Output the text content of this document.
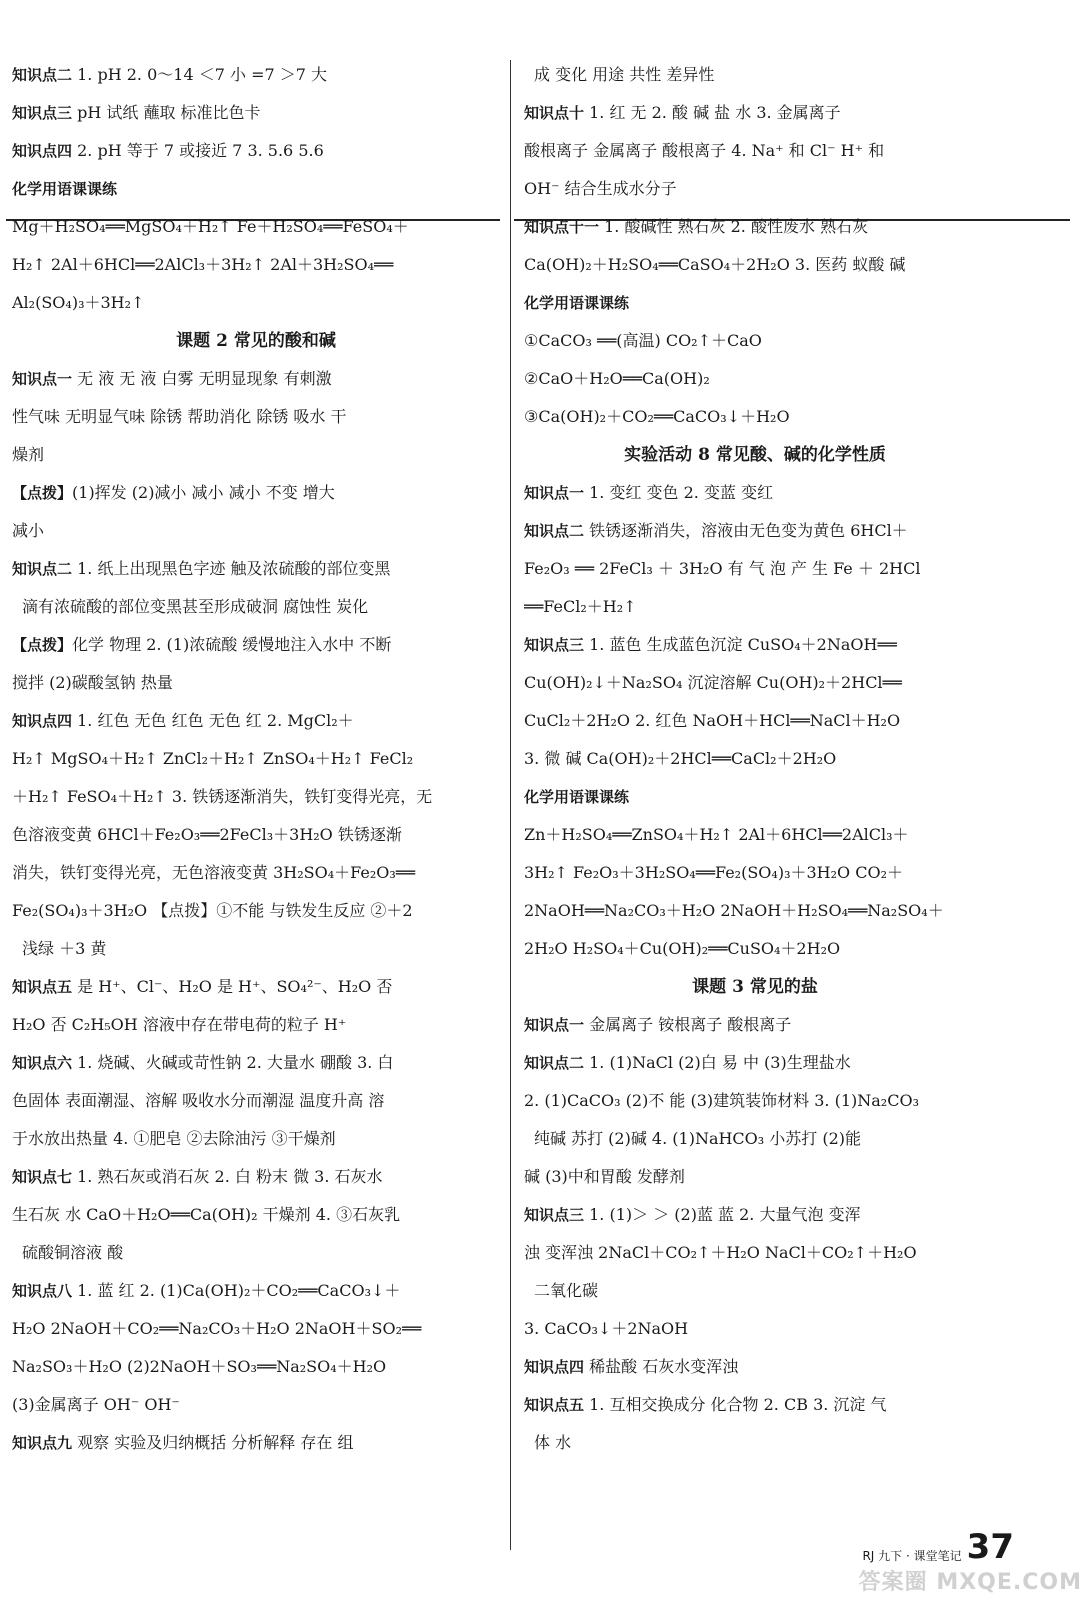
知识点二 1. pH 2. 0～14 ＜7 小 =7 ＞7 大
知识点三 pH 试纸 蘸取 标准比色卡
知识点四 2. pH 等于 7 或接近 7 3. 5.6 5.6
化学用语课课练
Mg＋H₂SO₄══MgSO₄＋H₂↑ Fe＋H₂SO₄══FeSO₄＋
H₂↑ 2Al＋6HCl══2AlCl₃＋3H₂↑ 2Al＋3H₂SO₄══
Al₂(SO₄)₃＋3H₂↑
课题 2 常见的酸和碱
知识点一 无 液 无 液 白雾 无明显现象 有刺激
性气味 无明显气味 除锈 帮助消化 除锈 吸水 干
燥剂
【点拨】(1)挥发 (2)减小 减小 减小 不变 增大
减小
知识点二 1. 纸上出现黑色字迹 触及浓硫酸的部位变黑
滴有浓硫酸的部位变黑甚至形成破洞 腐蚀性 炭化
【点拨】化学 物理 2. (1)浓硫酸 缓慢地注入水中 不断
搅拌 (2)碳酸氢钠 热量
知识点四 1. 红色 无色 红色 无色 红 2. MgCl₂＋
H₂↑ MgSO₄＋H₂↑ ZnCl₂＋H₂↑ ZnSO₄＋H₂↑ FeCl₂
＋H₂↑ FeSO₄＋H₂↑ 3. 铁锈逐渐消失，铁钉变得光亮，无
色溶液变黄 6HCl＋Fe₂O₃══2FeCl₃＋3H₂O 铁锈逐渐
消失，铁钉变得光亮，无色溶液变黄 3H₂SO₄＋Fe₂O₃══
Fe₂(SO₄)₃＋3H₂O 【点拨】①不能 与铁发生反应 ②＋2
浅绿 ＋3 黄
知识点五 是 H⁺、Cl⁻、H₂O 是 H⁺、SO₄²⁻、H₂O 否
H₂O 否 C₂H₅OH 溶液中存在带电荷的粒子 H⁺
知识点六 1. 烧碱、火碱或苛性钠 2. 大量水 硼酸 3. 白
色固体 表面潮湿、溶解 吸收水分而潮湿 温度升高 溶
于水放出热量 4. ①肥皂 ②去除油污 ③干燥剂
知识点七 1. 熟石灰或消石灰 2. 白 粉末 微 3. 石灰水
生石灰 水 CaO＋H₂O══Ca(OH)₂ 干燥剂 4. ③石灰乳
硫酸铜溶液 酸
知识点八 1. 蓝 红 2. (1)Ca(OH)₂＋CO₂══CaCO₃↓＋
H₂O 2NaOH＋CO₂══Na₂CO₃＋H₂O 2NaOH＋SO₂══
Na₂SO₃＋H₂O (2)2NaOH＋SO₃══Na₂SO₄＋H₂O
(3)金属离子 OH⁻ OH⁻
知识点九 观察 实验及归纳概括 分析解释 存在 组
成 变化 用途 共性 差异性
知识点十 1. 红 无 2. 酸 碱 盐 水 3. 金属离子
酸根离子 金属离子 酸根离子 4. Na⁺ 和 Cl⁻ H⁺ 和
OH⁻ 结合生成水分子
知识点十一 1. 酸碱性 熟石灰 2. 酸性废水 熟石灰
Ca(OH)₂＋H₂SO₄══CaSO₄＋2H₂O 3. 医药 蚁酸 碱
化学用语课课练
①CaCO₃ ══(高温) CO₂↑＋CaO
②CaO＋H₂O══Ca(OH)₂
③Ca(OH)₂＋CO₂══CaCO₃↓＋H₂O
实验活动 8 常见酸、碱的化学性质
知识点一 1. 变红 变色 2. 变蓝 变红
知识点二 铁锈逐渐消失，溶液由无色变为黄色 6HCl＋
Fe₂O₃ ══ 2FeCl₃ ＋ 3H₂O 有 气 泡 产 生 Fe ＋ 2HCl
══FeCl₂＋H₂↑
知识点三 1. 蓝色 生成蓝色沉淀 CuSO₄＋2NaOH══
Cu(OH)₂↓＋Na₂SO₄ 沉淀溶解 Cu(OH)₂＋2HCl══
CuCl₂＋2H₂O 2. 红色 NaOH＋HCl══NaCl＋H₂O
3. 微 碱 Ca(OH)₂＋2HCl══CaCl₂＋2H₂O
化学用语课课练
Zn＋H₂SO₄══ZnSO₄＋H₂↑ 2Al＋6HCl══2AlCl₃＋
3H₂↑ Fe₂O₃＋3H₂SO₄══Fe₂(SO₄)₃＋3H₂O CO₂＋
2NaOH══Na₂CO₃＋H₂O 2NaOH＋H₂SO₄══Na₂SO₄＋
2H₂O H₂SO₄＋Cu(OH)₂══CuSO₄＋2H₂O
课题 3 常见的盐
知识点一 金属离子 铵根离子 酸根离子
知识点二 1. (1)NaCl (2)白 易 中 (3)生理盐水
2. (1)CaCO₃ (2)不 能 (3)建筑装饰材料 3. (1)Na₂CO₃
纯碱 苏打 (2)碱 4. (1)NaHCO₃ 小苏打 (2)能
碱 (3)中和胃酸 发酵剂
知识点三 1. (1)＞ ＞ (2)蓝 蓝 2. 大量气泡 变浑
浊 变浑浊 2NaCl＋CO₂↑＋H₂O NaCl＋CO₂↑＋H₂O
二氧化碳
3. CaCO₃↓＋2NaOH
知识点四 稀盐酸 石灰水变浑浊
知识点五 1. 互相交换成分 化合物 2. CB 3. 沉淀 气
体 水
RJ 九下 · 课堂笔记 37
答案圈 MXQE.COM
